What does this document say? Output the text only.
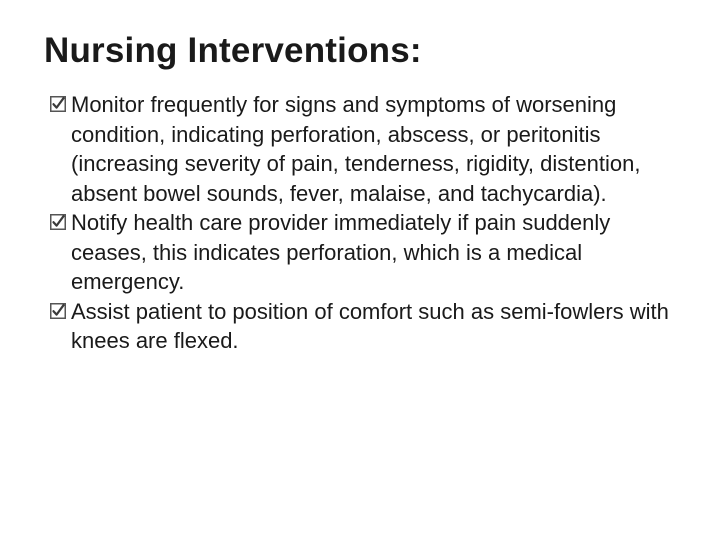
Nursing Interventions:
Monitor frequently for signs and symptoms of worsening condition, indicating perforation, abscess, or peritonitis (increasing severity of pain, tenderness, rigidity, distention, absent bowel sounds, fever, malaise, and tachycardia).
Notify health care provider immediately if pain suddenly ceases, this indicates perforation, which is a medical emergency.
Assist patient to position of comfort such as semi-fowlers with knees are flexed.
